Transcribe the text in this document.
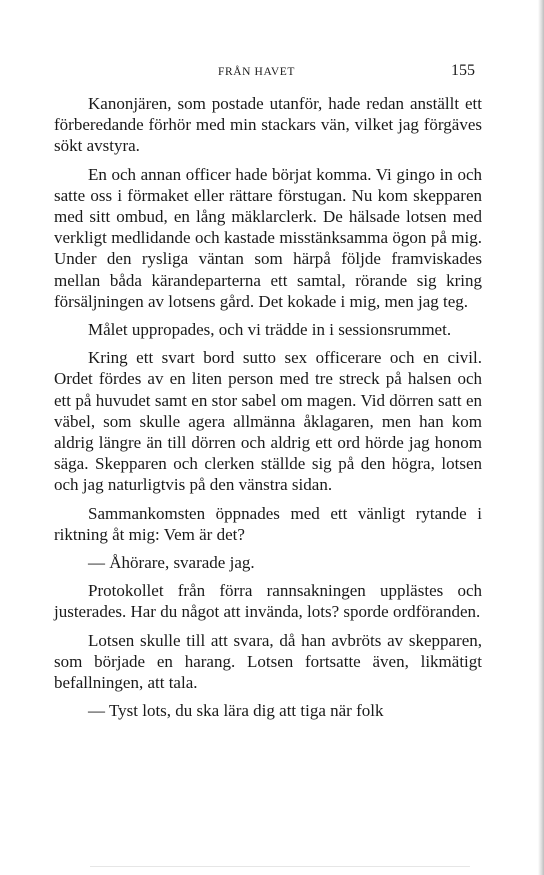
FRÅN HAVET	155

Kanonjären, som postade utanför, hade redan anställt ett förberedande förhör med min stackars vän, vilket jag förgäves sökt avstyra.

En och annan officer hade börjat komma. Vi gingo in och satte oss i förmaket eller rättare förstugan. Nu kom skepparen med sitt ombud, en lång mäklarclerk. De hälsade lotsen med verkligt medlidande och kastade misstänksamma ögon på mig. Under den rysliga väntan som härpå följde framviskades mellan båda kärandeparterna ett samtal, rörande sig kring försäljningen av lotsens gård. Det kokade i mig, men jag teg.

Målet uppropades, och vi trädde in i sessionsrummet.

Kring ett svart bord sutto sex officerare och en civil. Ordet fördes av en liten person med tre streck på halsen och ett på huvudet samt en stor sabel om magen. Vid dörren satt en väbel, som skulle agera allmänna åklagaren, men han kom aldrig längre än till dörren och aldrig ett ord hörde jag honom säga. Skepparen och clerken ställde sig på den högra, lotsen och jag naturligtvis på den vänstra sidan.

Sammankomsten öppnades med ett vänligt rytande i riktning åt mig: Vem är det?

— Åhörare, svarade jag.

Protokollet från förra rannsakningen upplästes och justerades. Har du något att invända, lots? sporde ordföranden.

Lotsen skulle till att svara, då han avbröts av skepparen, som började en harang. Lotsen fortsatte även, likmätigt befallningen, att tala.

— Tyst lots, du ska lära dig att tiga när folk
